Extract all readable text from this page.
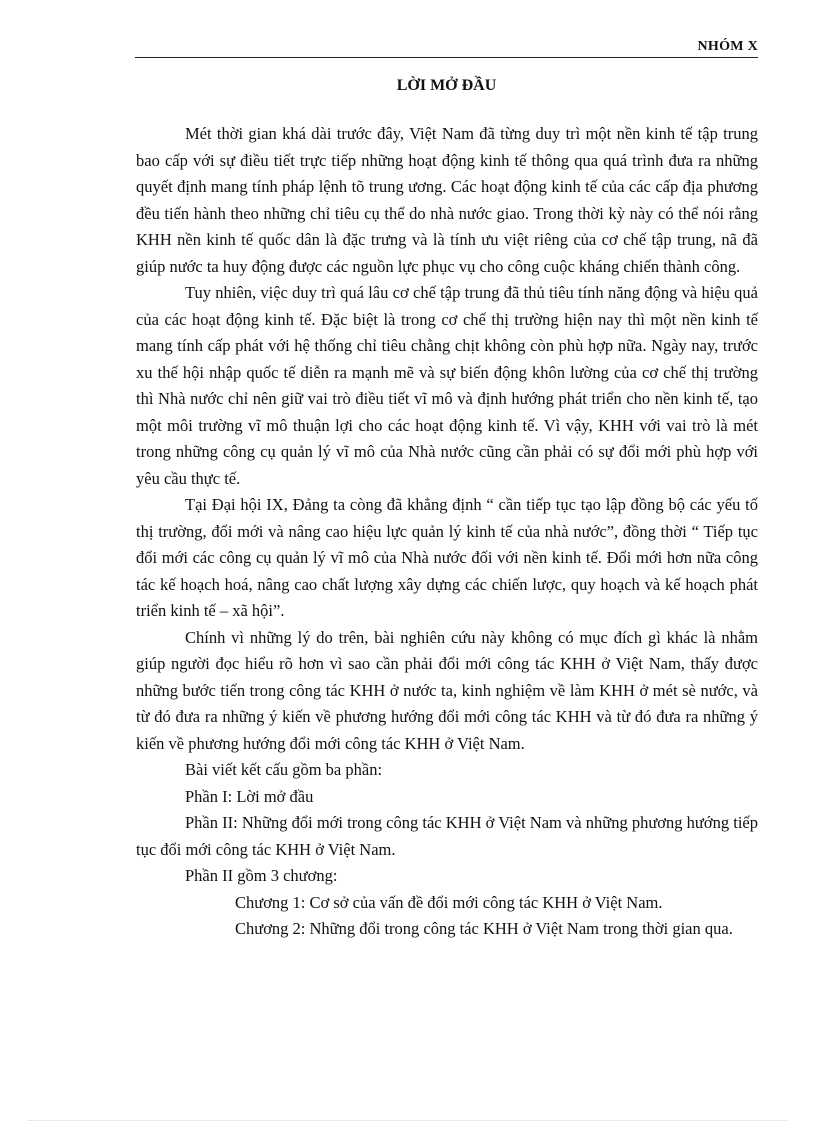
NHÓM X
LỜI MỞ ĐẦU

Mét thời gian khá dài trước đây, Việt Nam đã từng duy trì một nền kinh tế tập trung bao cấp với sự điều tiết trực tiếp những hoạt động kinh tế thông qua quá trình đưa ra những quyết định mang tính pháp lệnh tõ trung ương. Các hoạt động kinh tế của các cấp địa phương đều tiến hành theo những chỉ tiêu cụ thể do nhà nước giao. Trong thời kỳ này có thể nói rằng KHH nền kinh tế quốc dân là đặc trưng và là tính ưu việt riêng của cơ chế tập trung, nã đã giúp nước ta huy động được các nguồn lực phục vụ cho công cuộc kháng chiến thành công.

Tuy nhiên, việc duy trì quá lâu cơ chế tập trung đã thủ tiêu tính năng động và hiệu quả của các hoạt động kinh tế. Đặc biệt là trong cơ chế thị trường hiện nay thì một nền kinh tế mang tính cấp phát với hệ thống chỉ tiêu chằng chịt không còn phù hợp nữa. Ngày nay, trước xu thế hội nhập quốc tế diễn ra mạnh mẽ và sự biến động khôn lường của cơ chế thị trường thì Nhà nước chỉ nên giữ vai trò điều tiết vĩ mô và định hướng phát triển cho nền kinh tế, tạo một môi trường vĩ mô thuận lợi cho các hoạt động kinh tế. Vì vậy, KHH với vai trò là mét trong những công cụ quản lý vĩ mô của Nhà nước cũng cần phải có sự đổi mới phù hợp với yêu cầu thực tế.

Tại Đại hội IX, Đảng ta còng đã khẳng định “ cần tiếp tục tạo lập đồng bộ các yếu tố thị trường, đổi mới và nâng cao hiệu lực quản lý kinh tế của nhà nước”, đồng thời “ Tiếp tục đổi mới các công cụ quản lý vĩ mô của Nhà nước đối với nền kinh tế. Đổi mới hơn nữa công tác kế hoạch hoá, nâng cao chất lượng xây dựng các chiến lược, quy hoạch và kế hoạch phát triển kinh tế – xã hội”.

Chính vì những lý do trên, bài nghiên cứu này không có mục đích gì khác là nhằm giúp người đọc hiểu rõ hơn vì sao cần phải đổi mới công tác KHH ở Việt Nam, thấy được những bước tiến trong công tác KHH ở nước ta, kinh nghiệm về làm KHH ở mét sè nước, và từ đó đưa ra những ý kiến về phương hướng đổi mới công tác KHH và từ đó đưa ra những ý kiến về phương hướng đổi mới công tác KHH ở Việt Nam.

Bài viết kết cấu gồm ba phần:

Phần I: Lời mở đầu

Phần II: Những đổi mới trong công tác KHH ở Việt Nam và những phương hướng tiếp tục đổi mới công tác KHH ở Việt Nam.

Phần II gồm 3 chương:

Chương 1: Cơ sở của vấn đề đổi mới công tác KHH ở Việt Nam.

Chương 2: Những đổi trong công tác KHH ở Việt Nam trong thời gian qua.
